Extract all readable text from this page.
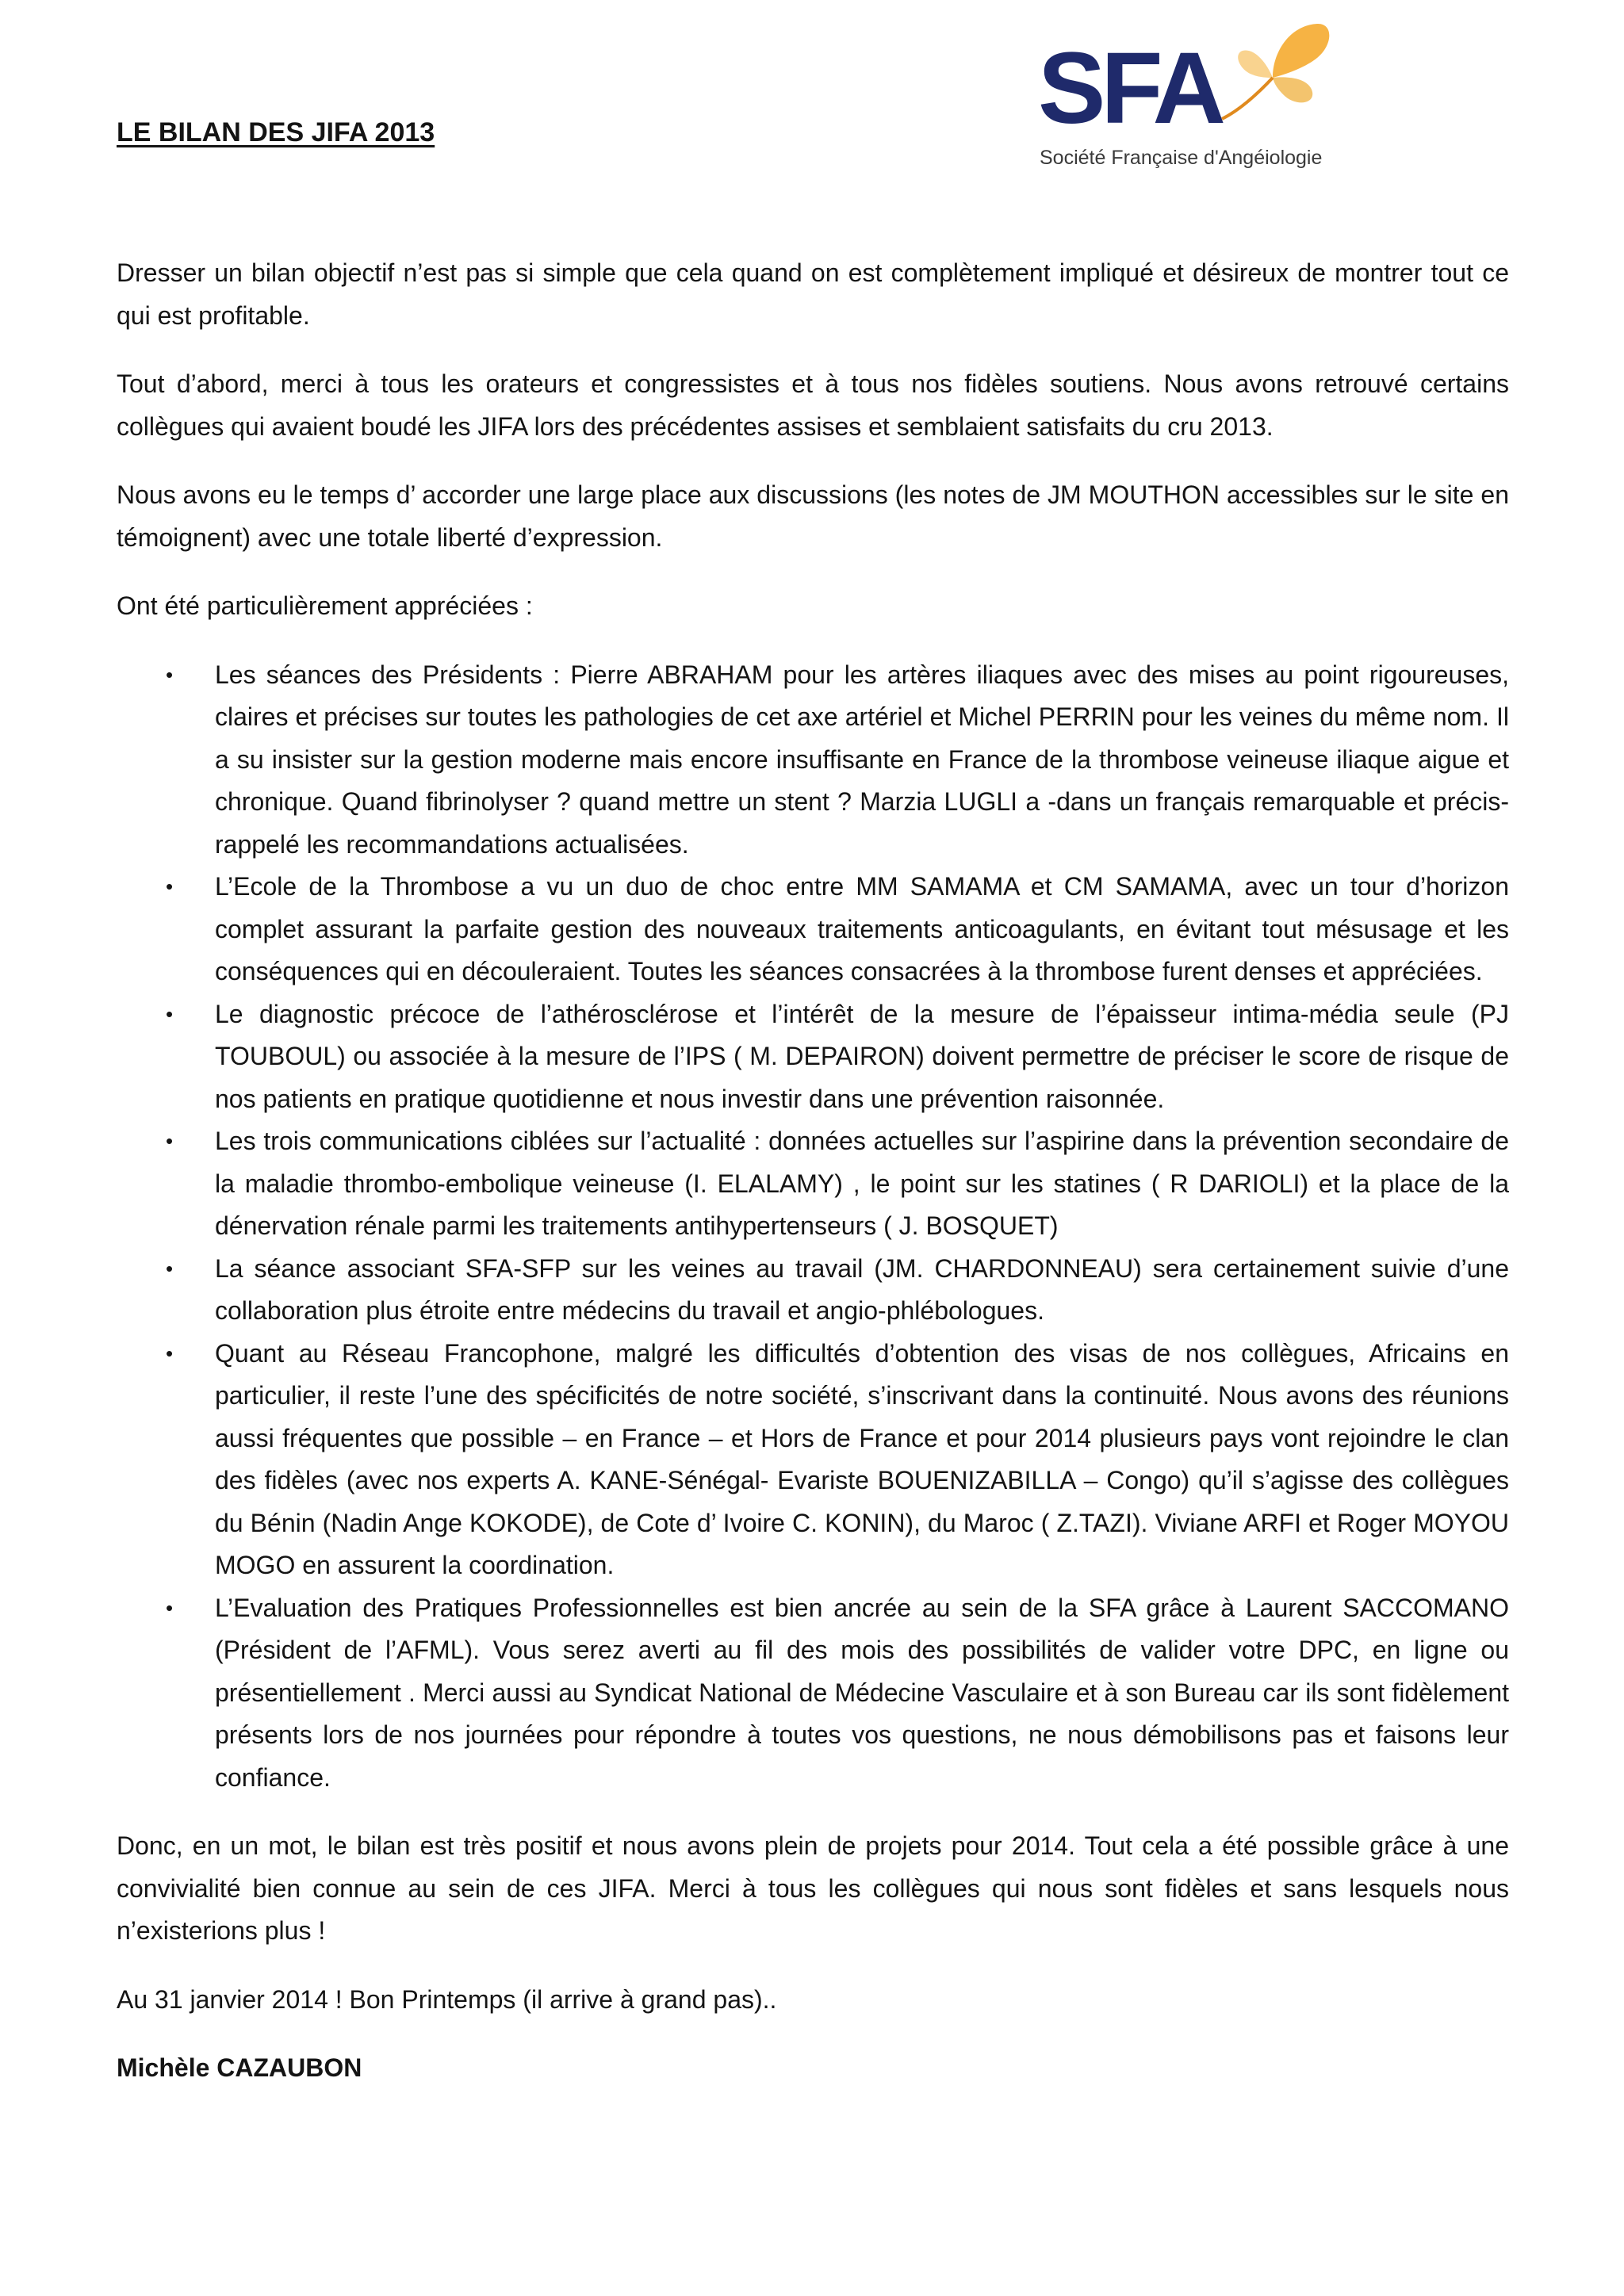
SFA
Société Française d'Angéiologie
LE BILAN DES JIFA 2013

Dresser un bilan objectif n’est pas si simple que cela quand on est complètement impliqué et désireux de montrer tout ce qui est profitable.

Tout d’abord, merci à tous les orateurs et congressistes et à tous nos fidèles soutiens. Nous avons retrouvé certains collègues qui avaient boudé les JIFA lors des précédentes assises et semblaient satisfaits du cru 2013.

Nous avons eu le temps d’ accorder une large place aux discussions (les notes de JM MOUTHON accessibles sur le site en témoignent) avec une totale liberté d’expression.

Ont été particulièrement appréciées :

• Les séances des Présidents : Pierre ABRAHAM pour les artères iliaques avec des mises au point rigoureuses, claires et précises sur toutes les pathologies de cet axe artériel et Michel PERRIN pour les veines du même nom. Il a su insister sur la gestion moderne mais encore insuffisante en France de la thrombose veineuse iliaque aigue et chronique. Quand fibrinolyser ? quand mettre un stent ? Marzia LUGLI a -dans un français remarquable et précis- rappelé les recommandations actualisées.
• L’Ecole de la Thrombose a vu un duo de choc entre MM SAMAMA et CM SAMAMA, avec un tour d’horizon complet assurant la parfaite gestion des nouveaux traitements anticoagulants, en évitant tout mésusage et les conséquences qui en découleraient. Toutes les séances consacrées à la thrombose furent denses et appréciées.
• Le diagnostic précoce de l’athérosclérose et l’intérêt de la mesure de l’épaisseur intima-média seule (PJ TOUBOUL) ou associée à la mesure de l’IPS ( M. DEPAIRON) doivent permettre de préciser le score de risque de nos patients en pratique quotidienne et nous investir dans une prévention raisonnée.
• Les trois communications ciblées sur l’actualité : données actuelles sur l’aspirine dans la prévention secondaire de la maladie thrombo-embolique veineuse (I. ELALAMY) , le point sur les statines ( R DARIOLI) et la place de la dénervation rénale parmi les traitements antihypertenseurs ( J. BOSQUET)
• La séance associant SFA-SFP sur les veines au travail (JM. CHARDONNEAU) sera certainement suivie d’une collaboration plus étroite entre médecins du travail et angio-phlébologues.
• Quant au Réseau Francophone, malgré les difficultés d’obtention des visas de nos collègues, Africains en particulier, il reste l’une des spécificités de notre société, s’inscrivant dans la continuité. Nous avons des réunions aussi fréquentes que possible – en France – et Hors de France et pour 2014 plusieurs pays vont rejoindre le clan des fidèles (avec nos experts A. KANE-Sénégal- Evariste BOUENIZABILLA – Congo) qu’il s’agisse des collègues du Bénin (Nadin Ange KOKODE), de Cote d’ Ivoire C. KONIN), du Maroc ( Z.TAZI). Viviane ARFI et Roger MOYOU MOGO en assurent la coordination.
• L’Evaluation des Pratiques Professionnelles est bien ancrée au sein de la SFA grâce à Laurent SACCOMANO (Président de l’AFML). Vous serez averti au fil des mois des possibilités de valider votre DPC, en ligne ou présentiellement . Merci aussi au Syndicat National de Médecine Vasculaire et à son Bureau car ils sont fidèlement présents lors de nos journées pour répondre à toutes vos questions, ne nous démobilisons pas et faisons leur confiance.

Donc, en un mot, le bilan est très positif et nous avons plein de projets pour 2014. Tout cela a été possible grâce à une convivialité bien connue au sein de ces JIFA. Merci à tous les collègues qui nous sont fidèles et sans lesquels nous n’existerions plus !

Au 31 janvier 2014 ! Bon Printemps (il arrive à grand pas)..

Michèle CAZAUBON
